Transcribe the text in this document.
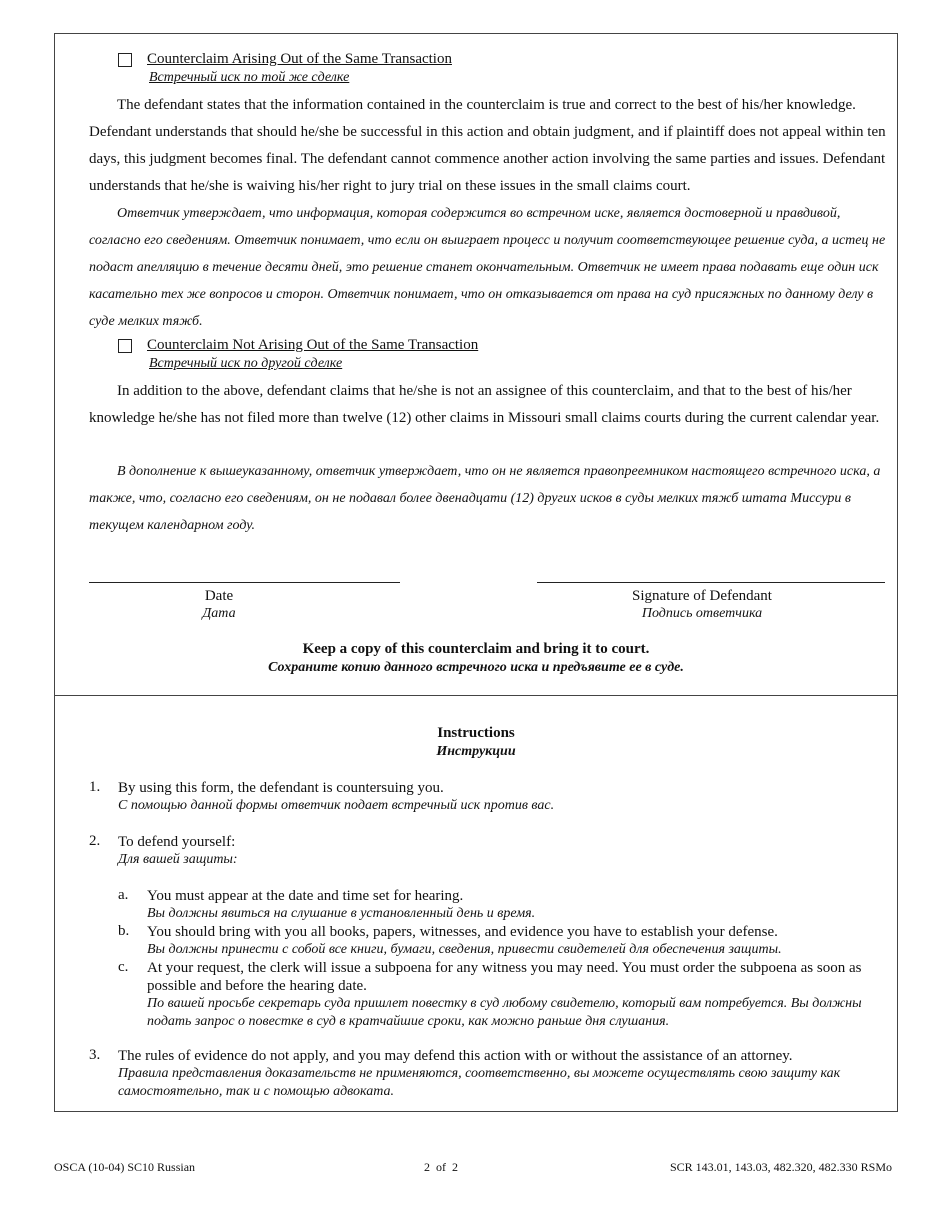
Counterclaim Arising Out of the Same Transaction
Встречный иск по той же сделке

The defendant states that the information contained in the counterclaim is true and correct to the best of his/her knowledge. Defendant understands that should he/she be successful in this action and obtain judgment, and if plaintiff does not appeal within ten days, this judgment becomes final. The defendant cannot commence another action involving the same parties and issues. Defendant understands that he/she is waiving his/her right to jury trial on these issues in the small claims court.

Ответчик утверждает, что информация, которая содержится во встречном иске, является достоверной и правдивой, согласно его сведениям. Ответчик понимает, что если он выиграет процесс и получит соответствующее решение суда, а истец не подаст апелляцию в течение десяти дней, это решение станет окончательным. Ответчик не имеет права подавать еще один иск касательно тех же вопросов и сторон. Ответчик понимает, что он отказывается от права на суд присяжных по данному делу в суде мелких тяжб.

Counterclaim Not Arising Out of the Same Transaction
Встречный иск по другой сделке

In addition to the above, defendant claims that he/she is not an assignee of this counterclaim, and that to the best of his/her knowledge he/she has not filed more than twelve (12) other claims in Missouri small claims courts during the current calendar year.

В дополнение к вышеуказанному, ответчик утверждает, что он не является правопреемником настоящего встречного иска, а также, что, согласно его сведениям, он не подавал более двенадцати (12) других исков в суды мелких тяжб штата Миссури в текущем календарном году.

Date
Дата
Signature of Defendant
Подпись ответчика
Keep a copy of this counterclaim and bring it to court.
Сохраните копию данного встречного иска и предъявите ее в суде.
Instructions
Инструкции
1. By using this form, the defendant is countersuing you.
С помощью данной формы ответчик подает встречный иск против вас.
2. To defend yourself:
Для вашей защиты:
a. You must appear at the date and time set for hearing.
Вы должны явиться на слушание в установленный день и время.
b. You should bring with you all books, papers, witnesses, and evidence you have to establish your defense.
Вы должны принести с собой все книги, бумаги, сведения, привести свидетелей для обеспечения защиты.
c. At your request, the clerk will issue a subpoena for any witness you may need. You must order the subpoena as soon as possible and before the hearing date.
По вашей просьбе секретарь суда пришлет повестку в суд любому свидетелю, который вам потребуется. Вы должны подать запрос о повестке в суд в кратчайшие сроки, как можно раньше дня слушания.
3. The rules of evidence do not apply, and you may defend this action with or without the assistance of an attorney.
Правила представления доказательств не применяются, соответственно, вы можете осуществлять свою защиту как самостоятельно, так и с помощью адвоката.
OSCA (10-04) SC10 Russian	2  of  2	SCR 143.01, 143.03, 482.320, 482.330 RSMo
